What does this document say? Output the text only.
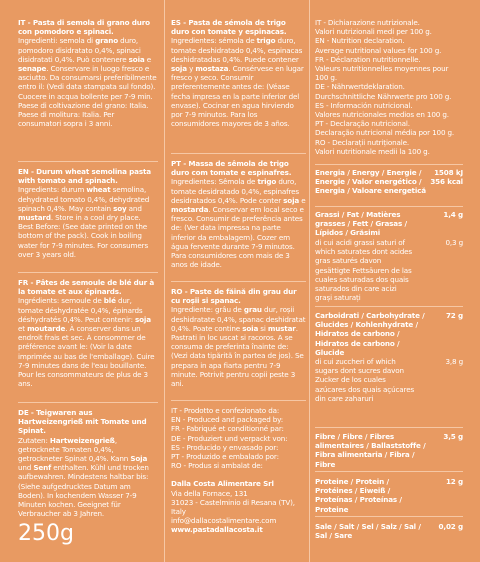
IT - Pasta di semola di grano duro con pomodoro e spinaci.

Ingredienti: semola di grano duro, pomodoro disidratato 0,4%, spinaci disidratati 0,4%. Può contenere soia e senape. Conservare in luogo fresco e asciutto. Da consumarsi preferibilmente entro il: (Vedi data stampata sul fondo). Cuocere in acqua bollente per 7-9 min. Paese di coltivazione del grano: Italia. Paese di molitura: Italia. Per consumatori sopra i 3 anni.

EN - Durum wheat semolina pasta with tomato and spinach.

Ingredients: durum wheat semolina, dehydrated tomato 0,4%, dehydrated spinach 0,4%. May contain soy and mustard. Store in a cool dry place. Best Before: (See date printed on the bottom of the pack). Cook in boiling water for 7-9 minutes. For consumers over 3 years old.

FR - Pâtes de semoule de blé dur à la tomate et aux épinards.

Ingrédients: semoule de blé dur, tomate déshydratée 0,4%, épinards déshydratés 0,4%. Peut contenir: soja et moutarde. À conserver dans un endroit frais et sec. À consommer de préférence avant le: (Voir la date imprimée au bas de l'emballage). Cuire 7-9 minutes dans de l'eau bouillante. Pour les consommateurs de plus de 3 ans.

DE - Teigwaren aus Hartweizengrieß mit Tomate und Spinat.

Zutaten: Hartweizengrieß, getrocknete Tomaten 0,4%, getrockneter Spinat 0,4%. Kann Soja und Senf enthalten. Kühl und trocken aufbewahren. Mindestens haltbar bis: (Siehe aufgedrucktes Datum am Boden). In kochendem Wasser 7-9 Minuten kochen. Geeignet für Verbraucher ab 3 Jahren.

250g

ES - Pasta de sémola de trigo duro con tomate y espinacas.

Ingredientes: sémola de trigo duro, tomate deshidratado 0,4%, espinacas deshidratadas 0,4%. Puede contener soja y mostaza. Consérvese en lugar fresco y seco. Consumir preferentemente antes de: (Véase fecha impresa en la parte inferior del envase). Cocinar en agua hirviendo por 7-9 minutos. Para los consumidores mayores de 3 años.

PT - Massa de sêmola de trigo duro com tomate e espinafres.

Ingredientes: Sêmola de trigo duro, tomate desidratado 0,4%, espinafres desidratados 0,4%. Pode conter soja e mostarda. Conservar em local seco e fresco. Consumir de preferência antes de: (Ver data impressa na parte inferior da embalagem). Cozer em água fervente durante 7-9 minutos. Para consumidores com mais de 3 anos de idade.

RO - Paste de făină din grau dur cu roșii si spanac.

Ingrediente: grâu de grau dur, roșii deshidratate 0,4%, spanac deshidratat 0,4%. Poate contine soia si mustar. Pastrati in loc uscat si racoros. A se consuma de preferinta înainte de: (Vezi data tipărită în partea de jos). Se prepara in apa fiarta pentru 7-9 minute. Potrivit pentru copii peste 3 ani.

IT - Prodotto e confezionato da:

EN - Produced and packaged by:

FR - Fabriqué et conditionné par:

DE - Produziert und verpackt von:

ES - Producido y envasado por:

PT - Produzido e embalado por:

RO - Produs si ambalat de:

Dalla Costa Alimentare Srl

Via della Fornace, 131

31023 - Castelminio di Resana (TV), Italy

info@dallacostalimentare.com

www.pastadallacosta.it

IT - Dichiarazione nutrizionale.

Valori nutrizionali medi per 100 g.

EN - Nutrition declaration.

Average nutritional values for 100 g.

FR - Déclaration nutritionnelle.

Valeurs nutritionnelles moyennes pour 100 g.

DE - Nährwertdeklaration.

Durchschnittliche Nährwerte pro 100 g.

ES - Información nutricional.

Valores nutricionales medios en 100 g.

PT - Declaração nutricional.

Declaração nutricional média por 100 g.

RO - Declarații nutriționale.

Valori nutritionale medii la 100 g.

Energia / Energy / Energie / Energie / Valor energético / Energia / Valoare energetică
1508 kJ
356 kcal
Grassi / Fat / Matières grasses / Fett / Grasas / Lípidos / Grăsimi
1,4 g
di cui acidi grassi saturi of which saturates dont acides gras saturés davon gesättigte Fettsäuren de las cuales saturadas dos quais saturados din care acizi grași saturați
0,3 g
Carboidrati / Carbohydrate / Glucides / Kohlenhydrate / Hidratos de carbono / Hidratos de carbono / Glucide
72 g
di cui zuccheri of which sugars dont sucres davon Zucker de los cuales azúcares dos quais açúcares din care zaharuri
3,8 g
Fibre / Fibre / Fibres alimentaires / Ballaststoffe / Fibra alimentaria / Fibra / Fibre
3,5 g
Proteine / Protein / Protéines / Eiweiß / Proteínas / Proteínas / Proteine
12 g
Sale / Salt / Sel / Salz / Sal / Sal / Sare
0,02 g
